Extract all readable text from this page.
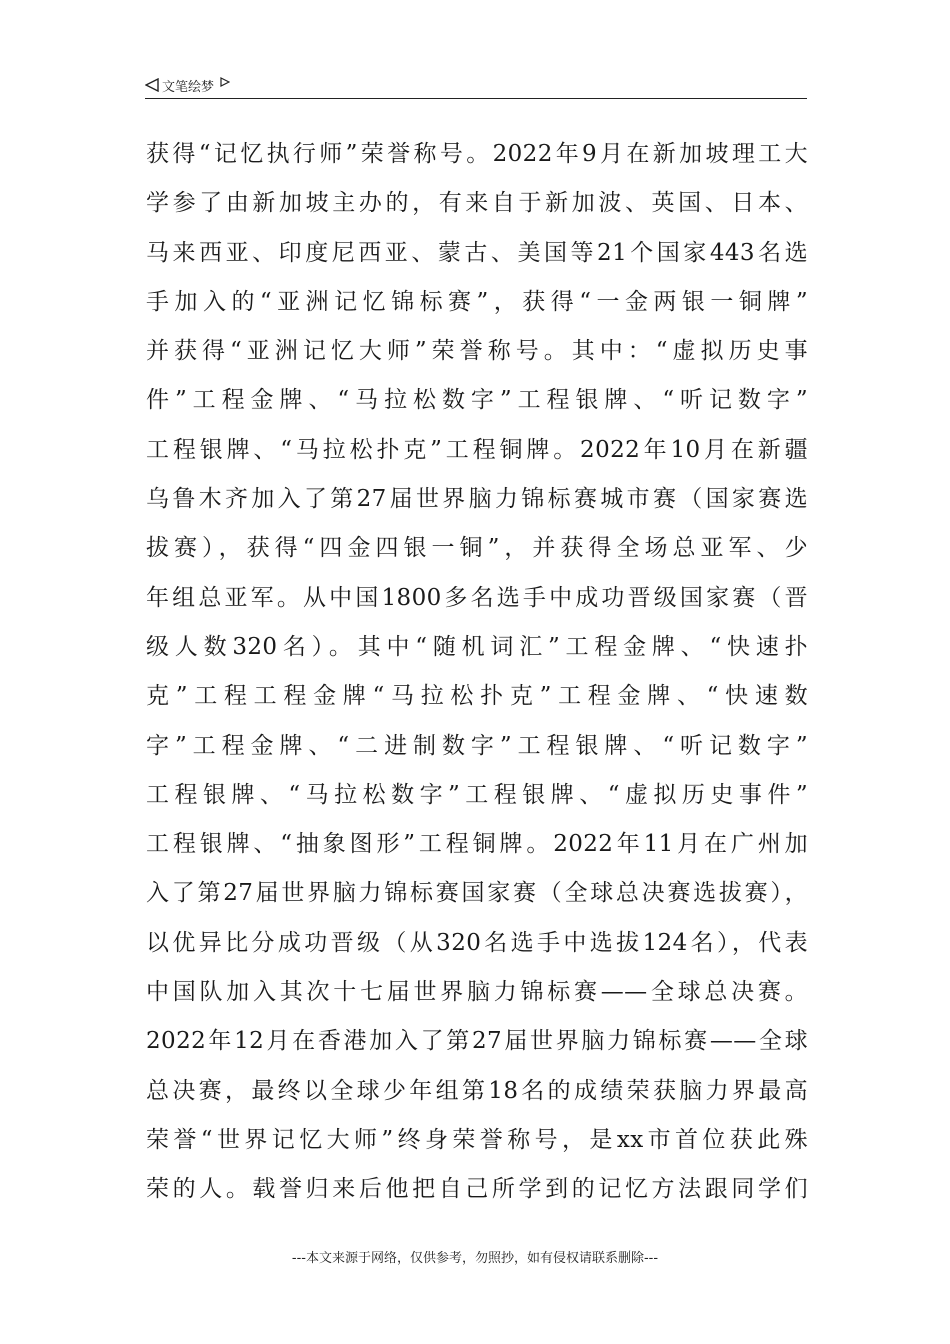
文笔绘梦
获得“记忆执行师”荣誉称号。2022年9月在新加坡理工大
学参了由新加坡主办的，有来自于新加波、英国、日本、
马来西亚、印度尼西亚、蒙古、美国等21个国家443名选
手加入的“亚洲记忆锦标赛”，获得“一金两银一铜牌”
并获得“亚洲记忆大师”荣誉称号。其中：“虚拟历史事
件”工程金牌、“马拉松数字”工程银牌、“听记数字”
工程银牌、“马拉松扑克”工程铜牌。2022年10月在新疆
乌鲁木齐加入了第27届世界脑力锦标赛城市赛（国家赛选
拔赛），获得“四金四银一铜”，并获得全场总亚军、少
年组总亚军。从中国1800多名选手中成功晋级国家赛（晋
级人数320名）。其中“随机词汇”工程金牌、“快速扑
克”工程工程金牌“马拉松扑克”工程金牌、“快速数
字”工程金牌、“二进制数字”工程银牌、“听记数字”
工程银牌、“马拉松数字”工程银牌、“虚拟历史事件”
工程银牌、“抽象图形”工程铜牌。2022年11月在广州加
入了第27届世界脑力锦标赛国家赛（全球总决赛选拔赛），
以优异比分成功晋级（从320名选手中选拔124名），代表
中国队加入其次十七届世界脑力锦标赛——全球总决赛。
2022年12月在香港加入了第27届世界脑力锦标赛——全球
总决赛，最终以全球少年组第18名的成绩荣获脑力界最高
荣誉“世界记忆大师”终身荣誉称号，是xx市首位获此殊
荣的人。载誉归来后他把自己所学到的记忆方法跟同学们
---本文来源于网络，仅供参考，勿照抄，如有侵权请联系删除---
